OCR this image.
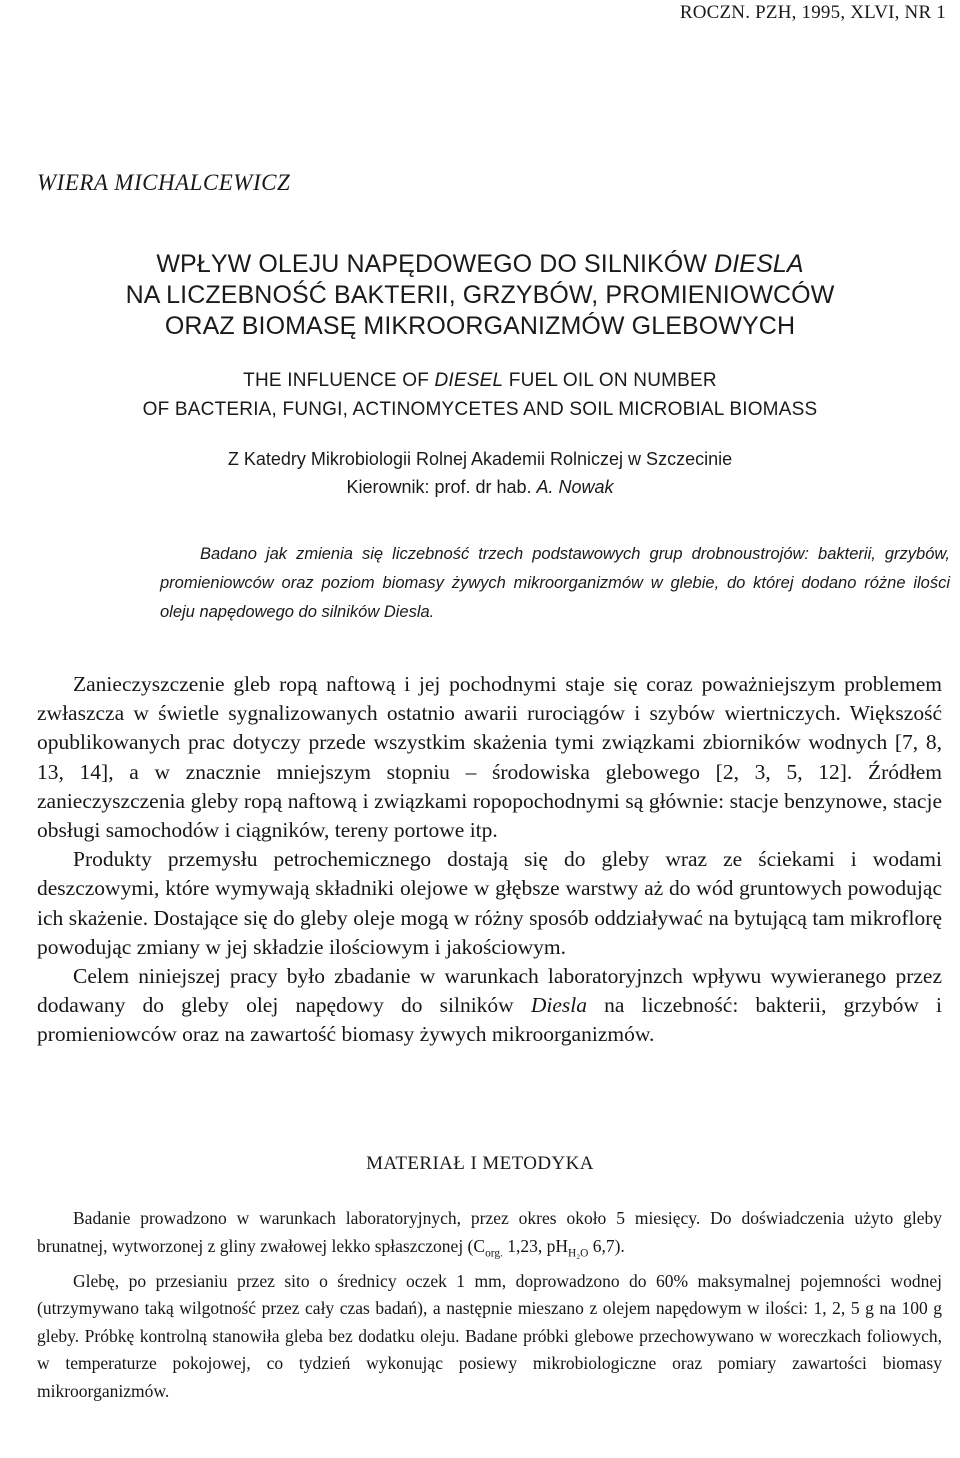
ROCZN. PZH, 1995, XLVI, NR 1
WIERA MICHALCEWICZ
WPŁYW OLEJU NAPĘDOWEGO DO SILNIKÓW DIESLA
NA LICZEBNOŚĆ BAKTERII, GRZYBÓW, PROMIENIOWCÓW
ORAZ BIOMASĘ MIKROORGANIZMÓW GLEBOWYCH
THE INFLUENCE OF DIESEL FUEL OIL ON NUMBER
OF BACTERIA, FUNGI, ACTINOMYCETES AND SOIL MICROBIAL BIOMASS
Z Katedry Mikrobiologii Rolnej Akademii Rolniczej w Szczecinie
Kierownik: prof. dr hab. A. Nowak

Badano jak zmienia się liczebność trzech podstawowych grup drobnoustrojów: bakterii, grzybów, promieniowców oraz poziom biomasy żywych mikroorganizmów w glebie, do której dodano różne ilości oleju napędowego do silników Diesla.

Zanieczyszczenie gleb ropą naftową i jej pochodnymi staje się coraz poważniejszym problemem zwłaszcza w świetle sygnalizowanych ostatnio awarii rurociągów i szybów wiertniczych. Większość opublikowanych prac dotyczy przede wszystkim skażenia tymi związkami zbiorników wodnych [7, 8, 13, 14], a w znacznie mniejszym stopniu – środowiska glebowego [2, 3, 5, 12]. Źródłem zanieczyszczenia gleby ropą naftową i związkami ropopochodnymi są głównie: stacje benzynowe, stacje obsługi samochodów i ciągników, tereny portowe itp.

Produkty przemysłu petrochemicznego dostają się do gleby wraz ze ściekami i wodami deszczowymi, które wymywają składniki olejowe w głębsze warstwy aż do wód gruntowych powodując ich skażenie. Dostające się do gleby oleje mogą w różny sposób oddziaływać na bytującą tam mikroflorę powodując zmiany w jej składzie ilościowym i jakościowym.

Celem niniejszej pracy było zbadanie w warunkach laboratoryjnzch wpływu wywieranego przez dodawany do gleby olej napędowy do silników Diesla na liczebność: bakterii, grzybów i promieniowców oraz na zawartość biomasy żywych mikroorganizmów.

MATERIAŁ I METODYKA

Badanie prowadzono w warunkach laboratoryjnych, przez okres około 5 miesięcy. Do doświadczenia użyto gleby brunatnej, wytworzonej z gliny zwałowej lekko spłaszczonej ($C_{org.}$ 1,23, $pH_{H_2O}$ 6,7).

Glebę, po przesianiu przez sito o średnicy oczek 1 mm, doprowadzono do 60% maksymalnej pojemności wodnej (utrzymywano taką wilgotność przez cały czas badań), a następnie mieszano z olejem napędowym w ilości: 1, 2, 5 g na 100 g gleby. Próbkę kontrolną stanowiła gleba bez dodatku oleju. Badane próbki glebowe przechowywano w woreczkach foliowych, w temperaturze pokojowej, co tydzień wykonując posiewy mikrobiologiczne oraz pomiary zawartości biomasy mikroorganizmów.
